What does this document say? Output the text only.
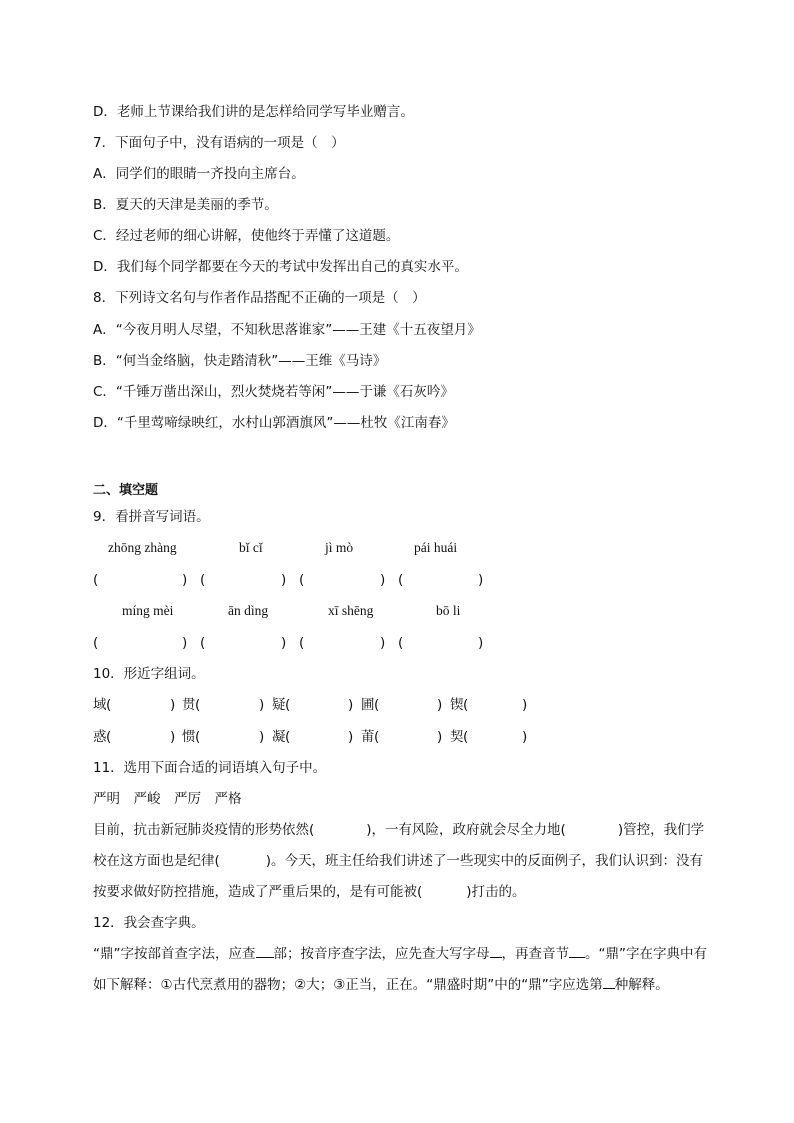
D．老师上节课给我们讲的是怎样给同学写毕业赠言。
7．下面句子中，没有语病的一项是（　）
A．同学们的眼睛一齐投向主席台。
B．夏天的天津是美丽的季节。
C．经过老师的细心讲解，使他终于弄懂了这道题。
D．我们每个同学都要在今天的考试中发挥出自己的真实水平。
8．下列诗文名句与作者作品搭配不正确的一项是（　）
A．“今夜月明人尽望，不知秋思落谁家”——王建《十五夜望月》
B．“何当金络脑，快走踏清秋”——王维《马诗》
C．“千锤万凿出深山，烈火焚烧若等闲”——于谦《石灰吟》
D．“千里莺啼绿映红，水村山郭酒旗风”——杜牧《江南春》
二、填空题
9．看拼音写词语。
zhōng zhàng	bǐ cǐ	jì mò	pái huái
(	) (	) (	) (	)
míng mèi	ān dìng	xī shēng	bō li
(	) (	) (	) (	)
10．形近字组词。
域 (	) 贯 (	) 疑 (	) 圃 (	) 锲 (	)
惑 (	) 惯 (	) 凝 (	) 莆 (	) 契 (	)
11．选用下面合适的词语填入句子中。
严明　严峻　严厉　严格
目前，抗击新冠肺炎疫情的形势依然(	)，一有风险，政府就会尽全力地(	)管控，我们学校在这方面也是纪律(	)。今天，班主任给我们讲述了一些现实中的反面例子，我们认识到：没有按要求做好防控措施，造成了严重后果的，是有可能被(	)打击的。
12．我会查字典。
“鼎”字按部首查字法，应查 部；按音序查字法，应先查大写字母 ，再查音节 。“鼎”字在字典中有如下解释：①古代烹煮用的器物；②大；③正当，正在。“鼎盛时期”中的“鼎”字应选第 种解释。
